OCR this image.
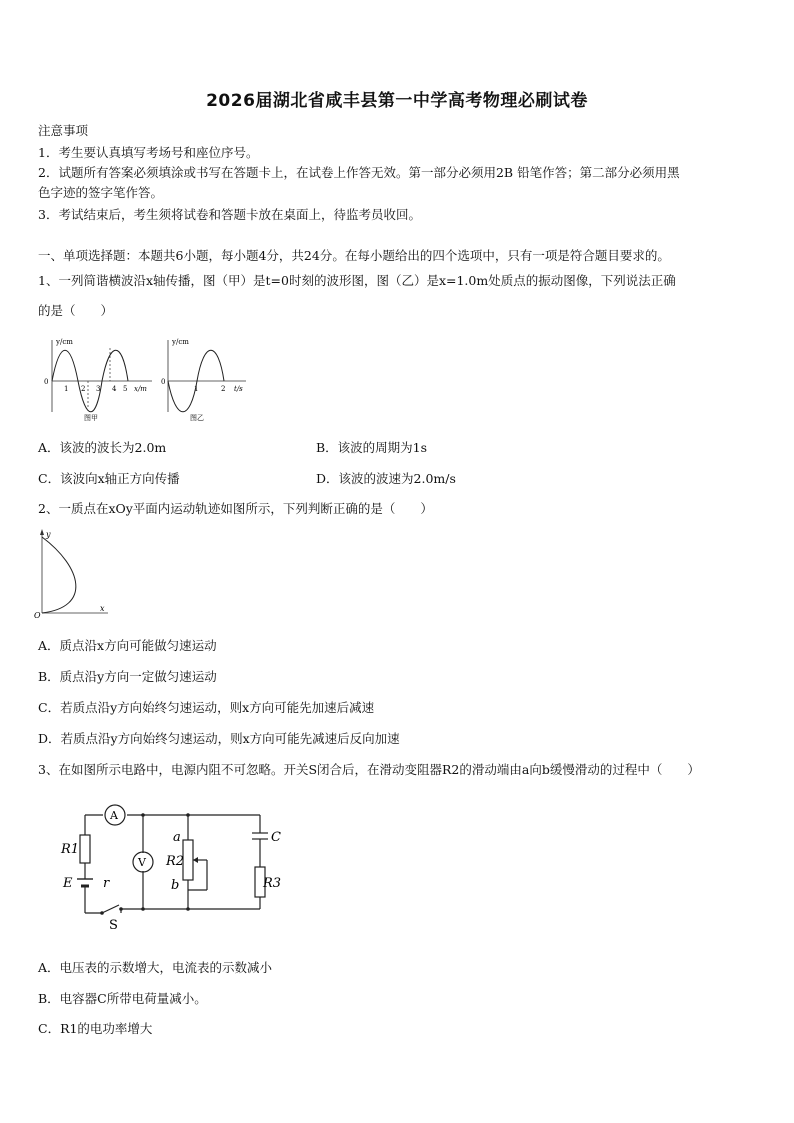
2026届湖北省咸丰县第一中学高考物理必刷试卷
注意事项
1．考生要认真填写考场号和座位序号。
2．试题所有答案必须填涂或书写在答题卡上，在试卷上作答无效。第一部分必须用2B 铅笔作答；第二部分必须用黑
色字迹的签字笔作答。
3．考试结束后，考生须将试卷和答题卡放在桌面上，待监考员收回。
一、单项选择题：本题共6小题，每小题4分，共24分。在每小题给出的四个选项中，只有一项是符合题目要求的。
1、一列简谐横波沿x轴传播，图（甲）是t=0时刻的波形图，图（乙）是x=1.0m处质点的振动图像，下列说法正确
的是（　　）
y/cm
0
1 2 3 4 5 x/m
图甲
y/cm
0
1	2 t/s
图乙
A．该波的波长为2.0m	B．该波的周期为1s
C．该波向x轴正方向传播	D．该波的波速为2.0m/s
2、一质点在xOy平面内运动轨迹如图所示，下列判断正确的是（　　）
y
O
x
A．质点沿x方向可能做匀速运动
B．质点沿y方向一定做匀速运动
C．若质点沿y方向始终匀速运动，则x方向可能先加速后减速
D．若质点沿y方向始终匀速运动，则x方向可能先减速后反向加速
3、在如图所示电路中，电源内阻不可忽略。开关S闭合后，在滑动变阻器R2的滑动端由a向b缓慢滑动的过程中（　　）
A
V
R1
E r
S
a
R2
b
C
R3
A．电压表的示数增大，电流表的示数减小
B．电容器C所带电荷量减小。
C．R1的电功率增大
